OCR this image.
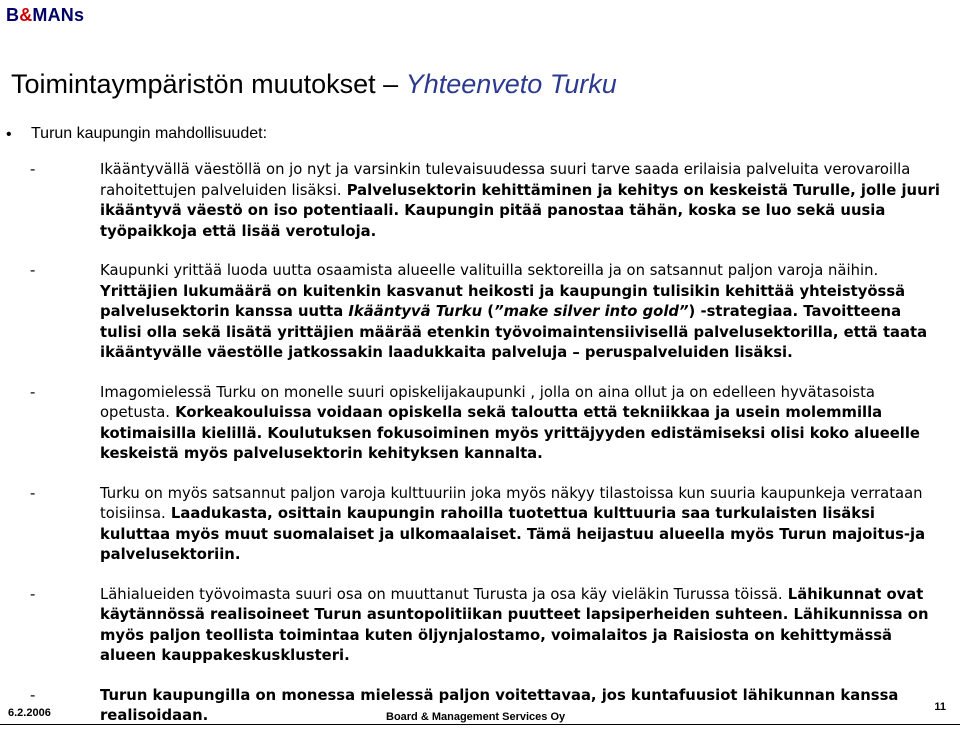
B&MANs
Toimintaympäristön muutokset – Yhteenveto Turku
• Turun kaupungin mahdollisuudet:
-	Ikääntyvällä väestöllä on jo nyt ja varsinkin tulevaisuudessa suuri tarve saada erilaisia palveluita verovaroilla rahoitettujen palveluiden lisäksi. Palvelusektorin kehittäminen ja kehitys on keskeistä Turulle, jolle juuri ikääntyvä väestö on iso potentiaali. Kaupungin pitää panostaa tähän, koska se luo sekä uusia työpaikkoja että lisää verotuloja.

-	Kaupunki yrittää luoda uutta osaamista alueelle valituilla sektoreilla ja on satsannut paljon varoja näihin. Yrittäjien lukumäärä on kuitenkin kasvanut heikosti ja kaupungin tulisikin kehittää yhteistyössä palvelusektorin kanssa uutta Ikääntyvä Turku (”make silver into gold”) -strategiaa. Tavoitteena tulisi olla sekä lisätä yrittäjien määrää etenkin työvoimaintensiivisellä palvelusektorilla, että taata ikääntyvälle väestölle jatkossakin laadukkaita palveluja – peruspalveluiden lisäksi.

-	Imagomielessä Turku on monelle suuri opiskelijakaupunki , jolla on aina ollut ja on edelleen hyvätasoista opetusta. Korkeakouluissa voidaan opiskella sekä taloutta että tekniikkaa ja usein molemmilla kotimaisilla kielillä. Koulutuksen fokusoiminen myös yrittäjyyden edistämiseksi olisi koko alueelle keskeistä myös palvelusektorin kehityksen kannalta.

-	Turku on myös satsannut paljon varoja kulttuuriin joka myös näkyy tilastoissa kun suuria kaupunkeja verrataan toisiinsa. Laadukasta, osittain kaupungin rahoilla tuotettua kulttuuria saa turkulaisten lisäksi kuluttaa myös muut suomalaiset ja ulkomaalaiset. Tämä heijastuu alueella myös Turun majoitus-ja palvelusektoriin.

-	Lähialueiden työvoimasta suuri osa on muuttanut Turusta ja osa käy vieläkin Turussa töissä. Lähikunnat ovat käytännössä realisoineet Turun asuntopolitiikan puutteet lapsiperheiden suhteen. Lähikunnissa on myös paljon teollista toimintaa kuten öljynjalostamo, voimalaitos ja Raisiosta on kehittymässä alueen kauppakeskusklusteri.

-	Turun kaupungilla on monessa mielessä paljon voitettavaa, jos kuntafuusiot lähikunnan kanssa realisoidaan.

6.2.2006	Board & Management Services Oy
11
